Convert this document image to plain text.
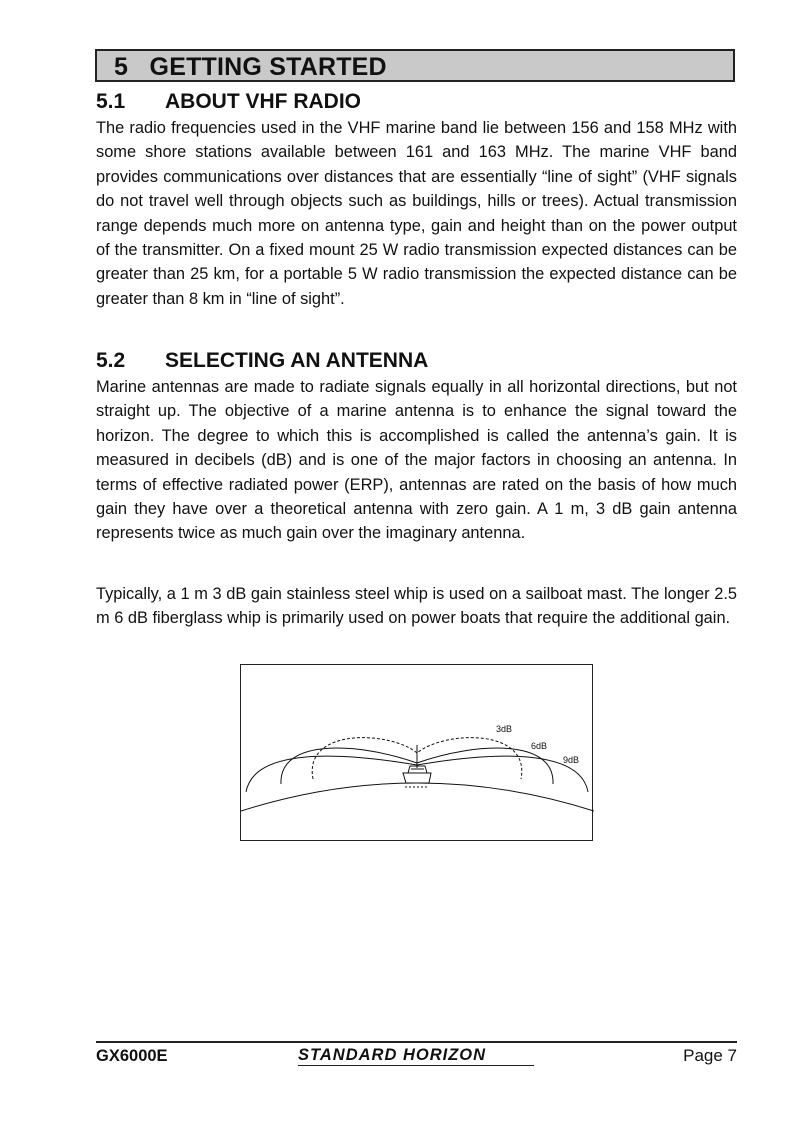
5 GETTING STARTED
5.1 ABOUT VHF RADIO

The radio frequencies used in the VHF marine band lie between 156 and 158 MHz with some shore stations available between 161 and 163 MHz. The marine VHF band provides communications over distances that are essentially “line of sight” (VHF signals do not travel well through objects such as buildings, hills or trees). Actual transmission range depends much more on antenna type, gain and height than on the power output of the transmitter. On a fixed mount 25 W radio transmission expected distances can be greater than 25 km, for a portable 5 W radio transmission the expected distance can be greater than 8 km in “line of sight”.

5.2 SELECTING AN ANTENNA

Marine antennas are made to radiate signals equally in all horizontal directions, but not straight up. The objective of a marine antenna is to enhance the signal toward the horizon. The degree to which this is accomplished is called the antenna’s gain. It is measured in decibels (dB) and is one of the major factors in choosing an antenna. In terms of effective radiated power (ERP), antennas are rated on the basis of how much gain they have over a theoretical antenna with zero gain. A 1 m, 3 dB gain antenna represents twice as much gain over the imaginary antenna.

Typically, a 1 m 3 dB gain stainless steel whip is used on a sailboat mast. The longer 2.5 m 6 dB fiberglass whip is primarily used on power boats that require the additional gain.

3dB
6dB
9dB
GX6000E	STANDARD HORIZON	Page 7
